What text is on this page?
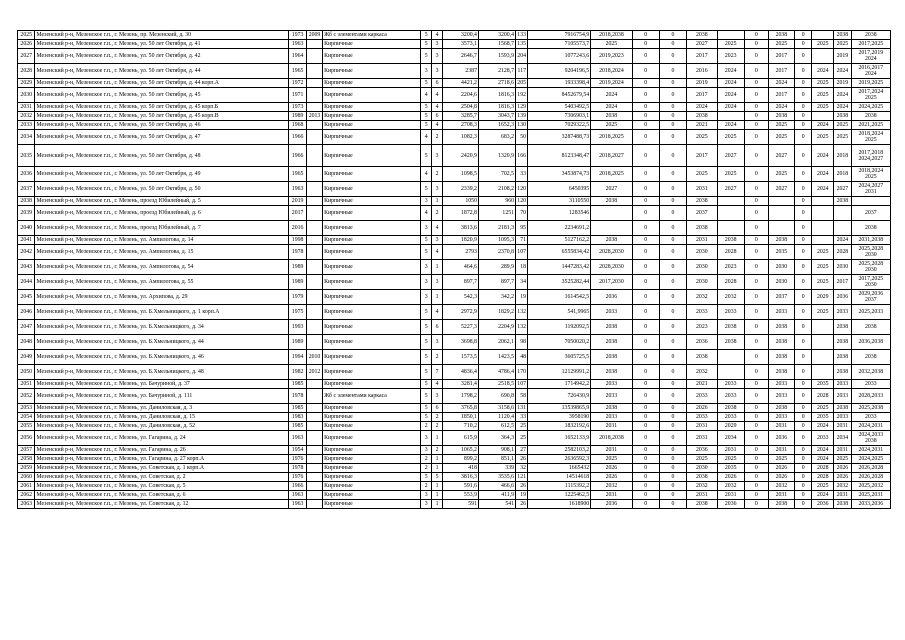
2025	Мезенский р-н, Мезенское г.п., г. Мезень, пр. Мезенский, д. 30	1973	2009	Жб с элементами каркаса	5	4	3200,4	3200,4	133	7916754,9	2018,2038	0	0	2038		0	2038	0		2038	2038
2026	Мезенский р-н, Мезенское г.п., г. Мезень, ул. 50 лет Октября, д. 41	1963		Кирпичные	5	3	3573,1	1568,7	135	7105573,7	2025	0	0	2027	2025	0	2025	0	2025	2025	2017,2025
2027	Мезенский р-н, Мезенское г.п., г. Мезень, ул. 50 лет Октября, д. 42	1964		Кирпичные	5	3	2646,7	1593,9	204	1077243,6	2019,2023	0	0	2017	2023	0	2017	0		2019	2017,2019 2024
2028	Мезенский р-н, Мезенское г.п., г. Мезень, ул. 50 лет Октября, д. 44	1965		Кирпичные	3	3	2387	2128,7	117	9204196,5	2018,2024	0	0	2016	2024	0	2017	0	2024	2024	2016,2017 2024
2029	Мезенский р-н, Мезенское г.п., г. Мезень, ул. 50 лет Октября, д. 44 корп.А	1972		Кирпичные	5	6	4421,2	2718,6	205	1933398,4	2019,2024	0	0	2019	2024	0	2024	0	2025	2019	2019,2025
2030	Мезенский р-н, Мезенское г.п., г. Мезень, ул. 50 лет Октября, д. 45	1971		Кирпичные	4	4	2204,6	1816,3	192	8452679,54	2024	0	0	2017	2024	0	2017	0	2025	2024	2017,2024 2025
2031	Мезенский р-н, Мезенское г.п., г. Мезень, ул. 50 лет Октября, д. 45 корп.Б	1973		Кирпичные	5	4	2504,8	1816,3	129	5403492,5	2024	0	0	2024	2024	0	2024	0	2025	2024	2024,2025
2032	Мезенский р-н, Мезенское г.п., г. Мезень, ул. 50 лет Октября, д. 45 корп.В	1989	2013	Кирпичные	5	6	3285,7	3043,7	139	7306903,1	2038	0	0	2038		0	2038	0		2038	2038
2033	Мезенский р-н, Мезенское г.п., г. Мезень, ул. 50 лет Октября, д. 46	1968		Кирпичные	5	4	2708,3	1652,3	130	7029322,5	2025	0	0	2021	2024	0	2025	0	2024	2025	2021,2025
2034	Мезенский р-н, Мезенское г.п., г. Мезень, ул. 50 лет Октября, д. 47	1966		Кирпичные	4	2	1082,3	683,2	50	3287488,73	2018,2025	0	0	2025	2025	0	2025	0	2025	2025	2018,2024 2025
2035	Мезенский р-н, Мезенское г.п., г. Мезень, ул. 50 лет Октября, д. 48	1966		Кирпичные	5	3	2420,9	1320,9	166	8123348,47	2018,2027	0	0	2017	2027	0	2027	0	2024	2018	2017,2018 2024,2027
2036	Мезенский р-н, Мезенское г.п., г. Мезень, ул. 50 лет Октября, д. 49	1965		Кирпичные	4	2	1098,5	702,5	33	3453874,73	2018,2025	0	0	2025	2025	0	2025	0	2024	2018	2018,2024 2025
2037	Мезенский р-н, Мезенское г.п., г. Мезень, ул. 50 лет Октября, д. 50	1963		Кирпичные	5	3	2339,2	2108,2	120	6450395	2027	0	0	2031	2027	0	2027	0	2024	2027	2024,2027 2031
2038	Мезенский р-н, Мезенское г.п., г. Мезень, проезд Юбилейный, д. 5	2019		Кирпичные	3	1	1050	960	120	3110550	2038	0	0	2038		0		0		2038	
2039	Мезенский р-н, Мезенское г.п., г. Мезень, проезд Юбилейный, д. 6	2017		Кирпичные	4	2	1872,8	1251	70	1283546		0	0	2037		0		0			2037
2040	Мезенский р-н, Мезенское г.п., г. Мезень, проезд Юбилейный, д. 7	2016		Кирпичные	3	4	3813,6	2181,3	95	2234691,2		0	0	2038		0		0			2038
2041	Мезенский р-н, Мезенское г.п., г. Мезень, ул. Ампилогова, д. 14	1998		Кирпичные	5	3	1820,9	1095,3	71	5127162,2	2038	0	0	2031	2038	0	2038	0		2024	2031,2038
2042	Мезенский р-н, Мезенское г.п., г. Мезень, ул. Ампилогова, д. 15	1978		Кирпичные	5	4	2793	2370,8	107	6555834,42	2028,2030	0	0	2030	2028	0	2035	0	2025	2028	2025,2028 2030
2043	Мезенский р-н, Мезенское г.п., г. Мезень, ул. Ампилогова, д. 54	1989		Кирпичные	3	1	464,6	289,9	18	1447283,42	2028,2030	0	0	2030	2023	0	2030	0	2025	2030	2025,2028 2030
2044	Мезенский р-н, Мезенское г.п., г. Мезень, ул. Ампилогова, д. 55	1989		Кирпичные	3	3	897,7	897,7	34	3525282,44	2017,2030	0	0	2030	2028	0	2030	0	2025	2017	2017,2025 2030
2045	Мезенский р-н, Мезенское г.п., г. Мезень, ул. Архипова, д. 29	1979		Кирпичные	3	1	542,3	342,2	19	1614542,5	2036	0	0	2032	2032	0	2037	0	2029	2036	2029,2036 2037
2046	Мезенский р-н, Мезенское г.п., г. Мезень, ул. Б.Хмельницкого, д. 1 корп.А	1975		Кирпичные	5	4	2972,9	1829,2	132	541,9965	2033	0	0	2033	2033	0	2033	0	2025	2033	2025,2033
2047	Мезенский р-н, Мезенское г.п., г. Мезень, ул. Б.Хмельницкого, д. 34	1993		Кирпичные	5	6	5227,3	2204,9	132	1192092,5	2038	0	0	2023	2038	0	2038	0		2038	2038
2048	Мезенский р-н, Мезенское г.п., г. Мезень, ул. Б.Хмельницкого, д. 44	1989		Кирпичные	5	3	3698,8	2062,1	98	7050020,2	2038	0	0	2036	2038	0	2038	0		2038	2036,2038
2049	Мезенский р-н, Мезенское г.п., г. Мезень, ул. Б.Хмельницкого, д. 46	1994	2010	Кирпичные	5	2	1573,5	1423,5	48	3605725,5	2038	0	0	2038		0	2038	0		2038	2038
2050	Мезенский р-н, Мезенское г.п., г. Мезень, ул. Б.Хмельницкого, д. 48	1982	2012	Кирпичные	5	7	4836,4	4786,4	170	12129991,2	2038	0	0	2032		0	2038	0		2038	2032,2038
2051	Мезенский р-н, Мезенское г.п., г. Мезень, ул. Бачуриной, д. 37	1985		Кирпичные	5	4	3281,4	2518,5	107	1714942,2	2033	0	0	2021	2033	0	2033	0	2035	2033	2033
2052	Мезенский р-н, Мезенское г.п., г. Мезень, ул. Бачуриной, д. 111	1978		Жб с элементами каркаса	5	3	1798,2	690,8	58	726430,9	2033	0	0	2033	2033	0	2033	0	2028	2033	2028,2033
2053	Мезенский р-н, Мезенское г.п., г. Мезень, ул. Даниловская, д. 3	1985		Кирпичные	5	6	3765,8	3158,6	131	13539865,9	2038	0	0	2026	2038	0	2038	0	2025	2038	2025,2038
2054	Мезенский р-н, Мезенское г.п., г. Мезень, ул. Даниловская, д. 15	1983		Кирпичные	5	2	1850,1	1120,4	33	3958190	2033	0	0	2033	2033	0	2033	0	2035	2033	2033
2055	Мезенский р-н, Мезенское г.п., г. Мезень, ул. Даниловская, д. 52	1985		Кирпичные	2	2	710,2	612,5	25	1832192,6	2031	0	0	2031	2029	0	2031	0	2024	2031	2024,2031
2056	Мезенский р-н, Мезенское г.п., г. Мезень, ул. Гагарина, д. 24	1963		Кирпичные	3	1	615,9	364,3	25	1652133,9	2018,2038	0	0	2031	2034	0	2036	0	2033	2034	2024,2033 2038
2057	Мезенский р-н, Мезенское г.п., г. Мезень, ул. Гагарина, д. 26	1954		Кирпичные	3	2	1065,2	908,1	27	2582103,2	2031	0	0	2036	2031	0	2031	0	2024	2031	2024,2031
2058	Мезенский р-н, Мезенское г.п., г. Мезень, ул. Гагарина, д. 27 корп.А	1976		Кирпичные	2	1	899,2	851,1	26	2636592,3	2025	0	0	2025	2025	0	2025	0	2024	2025	2024,2025
2059	Мезенский р-н, Мезенское г.п., г. Мезень, ул. Советская, д. 1 корп.А	1978		Кирпичные	2	1	418	339	32	1665432	2026	0	0	2030	2035	0	2026	0	2028	2026	2026,2028
2060	Мезенский р-н, Мезенское г.п., г. Мезень, ул. Советская, д. 2	1976		Кирпичные	5	5	3816,3	3535,6	121	14514618	2026	0	0	2038	2026	0	2026	0	2028	2026	2026,2028
2061	Мезенский р-н, Мезенское г.п., г. Мезень, ул. Советская, д. 5	1966		Кирпичные	2	1	591,6	466,6	26	1115392,2	2032	0	0	2032	2032	0	2032	0	2025	2032	2025,2032
2062	Мезенский р-н, Мезенское г.п., г. Мезень, ул. Советская, д. 6	1963		Кирпичные	3	1	553,9	411,9	19	1225462,5	2031	0	0	2031	2031	0	2031	0	2024	2031	2025,2031
2063	Мезенский р-н, Мезенское г.п., г. Мезень, ул. Советская, д. 12	1963		Кирпичные	3	1	591	541	26	1618900	2036	0	0	2038	2036	0	2038	0	2036	2038	2033,2036
